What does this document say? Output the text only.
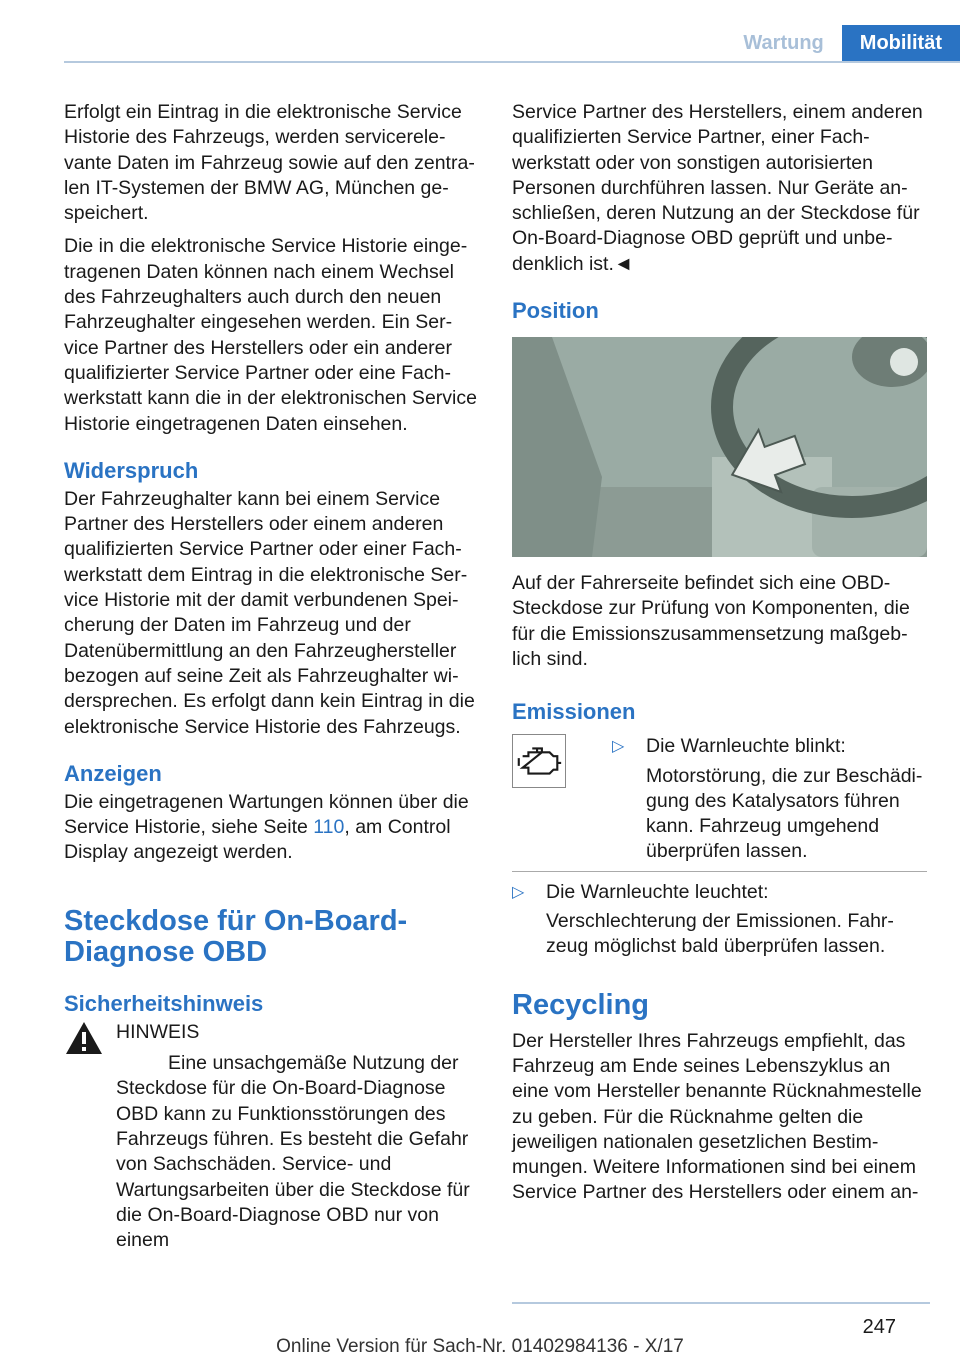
Wartung	Mobilität

Erfolgt ein Eintrag in die elektronische Service Historie des Fahrzeugs, werden servicerelevante Daten im Fahrzeug sowie auf den zentralen IT-Systemen der BMW AG, München gespeichert.

Die in die elektronische Service Historie eingetragenen Daten können nach einem Wechsel des Fahrzeughalters auch durch den neuen Fahrzeughalter eingesehen werden. Ein Service Partner des Herstellers oder ein anderer qualifizierter Service Partner oder eine Fachwerkstatt kann die in der elektronischen Service Historie eingetragenen Daten einsehen.

Widerspruch

Der Fahrzeughalter kann bei einem Service Partner des Herstellers oder einem anderen qualifizierten Service Partner oder einer Fachwerkstatt dem Eintrag in die elektronische Service Historie mit der damit verbundenen Speicherung der Daten im Fahrzeug und der Datenübermittlung an den Fahrzeughersteller bezogen auf seine Zeit als Fahrzeughalter widersprechen. Es erfolgt dann kein Eintrag in die elektronische Service Historie des Fahrzeugs.

Anzeigen

Die eingetragenen Wartungen können über die Service Historie, siehe Seite 110, am Control Display angezeigt werden.

Steckdose für On-Board-Diagnose OBD
Sicherheitshinweis

HINWEIS

Eine unsachgemäße Nutzung der Steckdose für die On-Board-Diagnose OBD kann zu Funktionsstörungen des Fahrzeugs führen. Es besteht die Gefahr von Sachschäden. Service- und Wartungsarbeiten über die Steckdose für die On-Board-Diagnose OBD nur von einem

Service Partner des Herstellers, einem anderen qualifizierten Service Partner, einer Fachwerkstatt oder von sonstigen autorisierten Personen durchführen lassen. Nur Geräte anschließen, deren Nutzung an der Steckdose für On-Board-Diagnose OBD geprüft und unbedenklich ist.◄

Position

Auf der Fahrerseite befindet sich eine OBD-Steckdose zur Prüfung von Komponenten, die für die Emissionszusammensetzung maßgeblich sind.

Emissionen
▷ Die Warnleuchte blinkt:

Motorstörung, die zur Beschädigung des Katalysators führen kann. Fahrzeug umgehend überprüfen lassen.

▷ Die Warnleuchte leuchtet:

Verschlechterung der Emissionen. Fahrzeug möglichst bald überprüfen lassen.

Recycling

Der Hersteller Ihres Fahrzeugs empfiehlt, das Fahrzeug am Ende seines Lebenszyklus an eine vom Hersteller benannte Rücknahmestelle zu geben. Für die Rücknahme gelten die jeweiligen nationalen gesetzlichen Bestimmungen. Weitere Informationen sind bei einem Service Partner des Herstellers oder einem an-

247
Online Version für Sach-Nr. 01402984136 - X/17
